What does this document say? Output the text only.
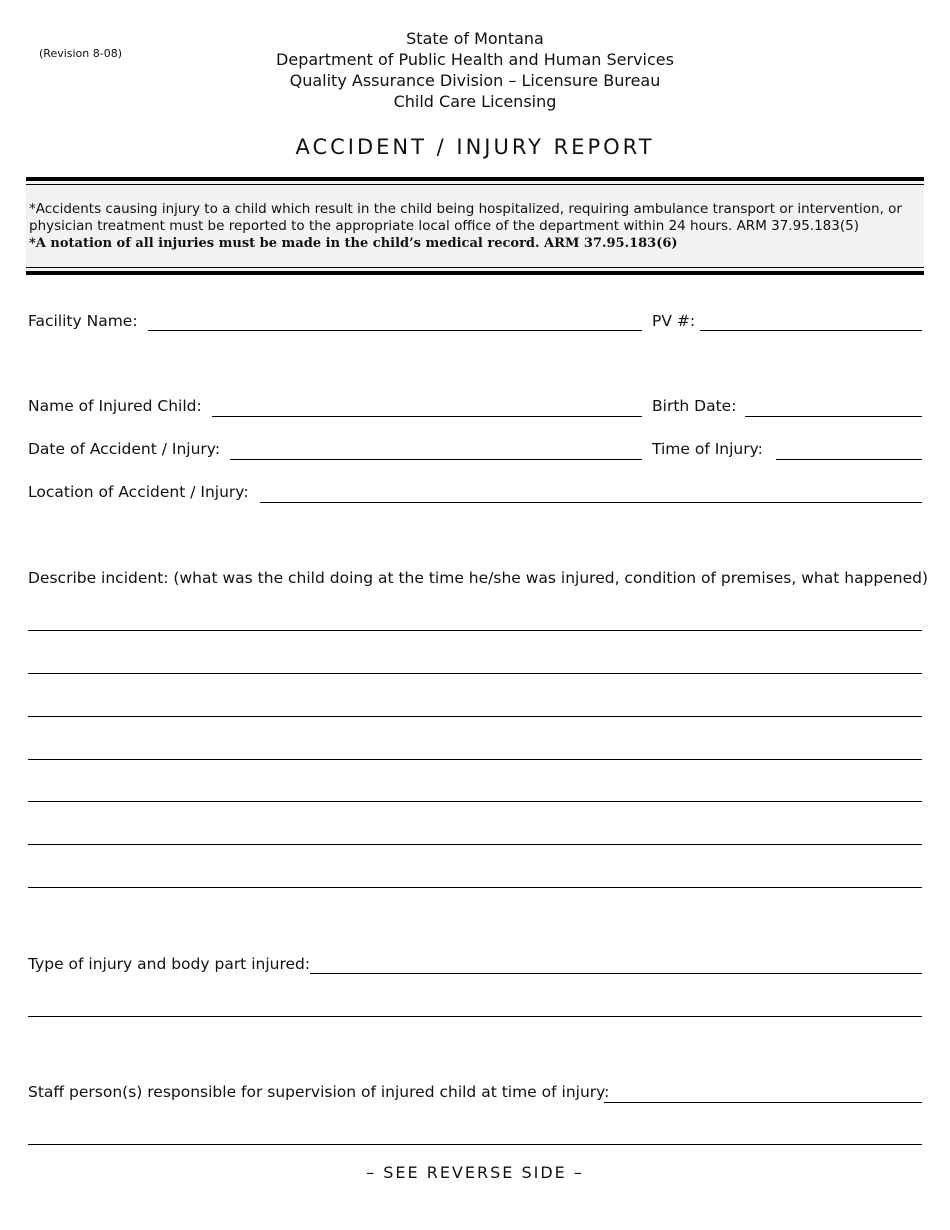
(Revision 8-08)
State of Montana
Department of Public Health and Human Services
Quality Assurance Division – Licensure Bureau
Child Care Licensing
ACCIDENT / INJURY REPORT
*Accidents causing injury to a child which result in the child being hospitalized, requiring ambulance transport or intervention, or physician treatment must be reported to the appropriate local office of the department within 24 hours. ARM 37.95.183(5)
*A notation of all injuries must be made in the child’s medical record. ARM 37.95.183(6)
Facility Name:	PV #:
Name of Injured Child:	Birth Date:
Date of Accident / Injury:	Time of Injury:
Location of Accident / Injury:
Describe incident: (what was the child doing at the time he/she was injured, condition of premises, what happened)
Type of injury and body part injured:
Staff person(s) responsible for supervision of injured child at time of injury:
– SEE REVERSE SIDE –
